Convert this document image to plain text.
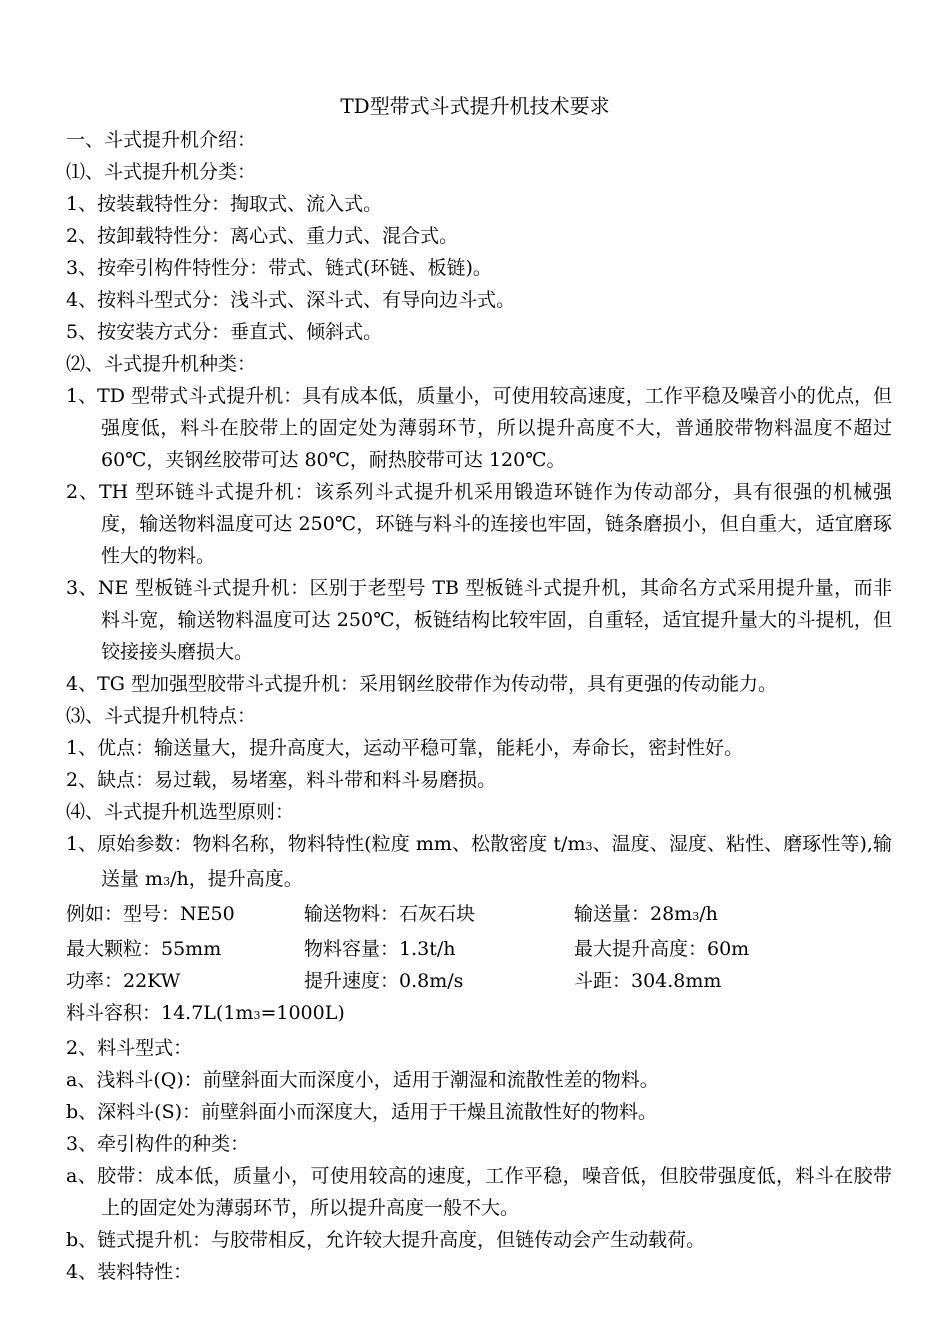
TD型带式斗式提升机技术要求
一、斗式提升机介绍：
⑴、斗式提升机分类：
1、按装载特性分：掏取式、流入式。
2、按卸载特性分：离心式、重力式、混合式。
3、按牵引构件特性分：带式、链式(环链、板链)。
4、按料斗型式分：浅斗式、深斗式、有导向边斗式。
5、按安装方式分：垂直式、倾斜式。
⑵、斗式提升机种类：
1、TD 型带式斗式提升机：具有成本低，质量小，可使用较高速度，工作平稳及噪音小的优点，但强度低，料斗在胶带上的固定处为薄弱环节，所以提升高度不大，普通胶带物料温度不超过 60℃，夹钢丝胶带可达 80℃，耐热胶带可达 120℃。
2、TH 型环链斗式提升机：该系列斗式提升机采用锻造环链作为传动部分，具有很强的机械强度，输送物料温度可达 250℃，环链与料斗的连接也牢固，链条磨损小，但自重大，适宜磨琢性大的物料。
3、NE 型板链斗式提升机：区别于老型号 TB 型板链斗式提升机，其命名方式采用提升量，而非料斗宽，输送物料温度可达 250℃，板链结构比较牢固，自重轻，适宜提升量大的斗提机，但铰接接头磨损大。
4、TG 型加强型胶带斗式提升机：采用钢丝胶带作为传动带，具有更强的传动能力。
⑶、斗式提升机特点：
1、优点：输送量大，提升高度大，运动平稳可靠，能耗小，寿命长，密封性好。
2、缺点：易过载，易堵塞，料斗带和料斗易磨损。
⑷、斗式提升机选型原则：
1、原始参数：物料名称，物料特性(粒度 mm、松散密度 t/m3、温度、湿度、粘性、磨琢性等),输送量 m3/h，提升高度。
例如：型号：NE50	输送物料：石灰石块	输送量：28m3/h
最大颗粒：55mm	物料容量：1.3t/h	最大提升高度：60m
功率：22KW	提升速度：0.8m/s	斗距：304.8mm
料斗容积：14.7L(1m3=1000L)
2、料斗型式：
a、浅料斗(Q)：前壁斜面大而深度小，适用于潮湿和流散性差的物料。
b、深料斗(S)：前壁斜面小而深度大，适用于干燥且流散性好的物料。
3、牵引构件的种类：
a、胶带：成本低，质量小，可使用较高的速度，工作平稳，噪音低，但胶带强度低，料斗在胶带上的固定处为薄弱环节，所以提升高度一般不大。
b、链式提升机：与胶带相反，允许较大提升高度，但链传动会产生动载荷。
4、装料特性：
